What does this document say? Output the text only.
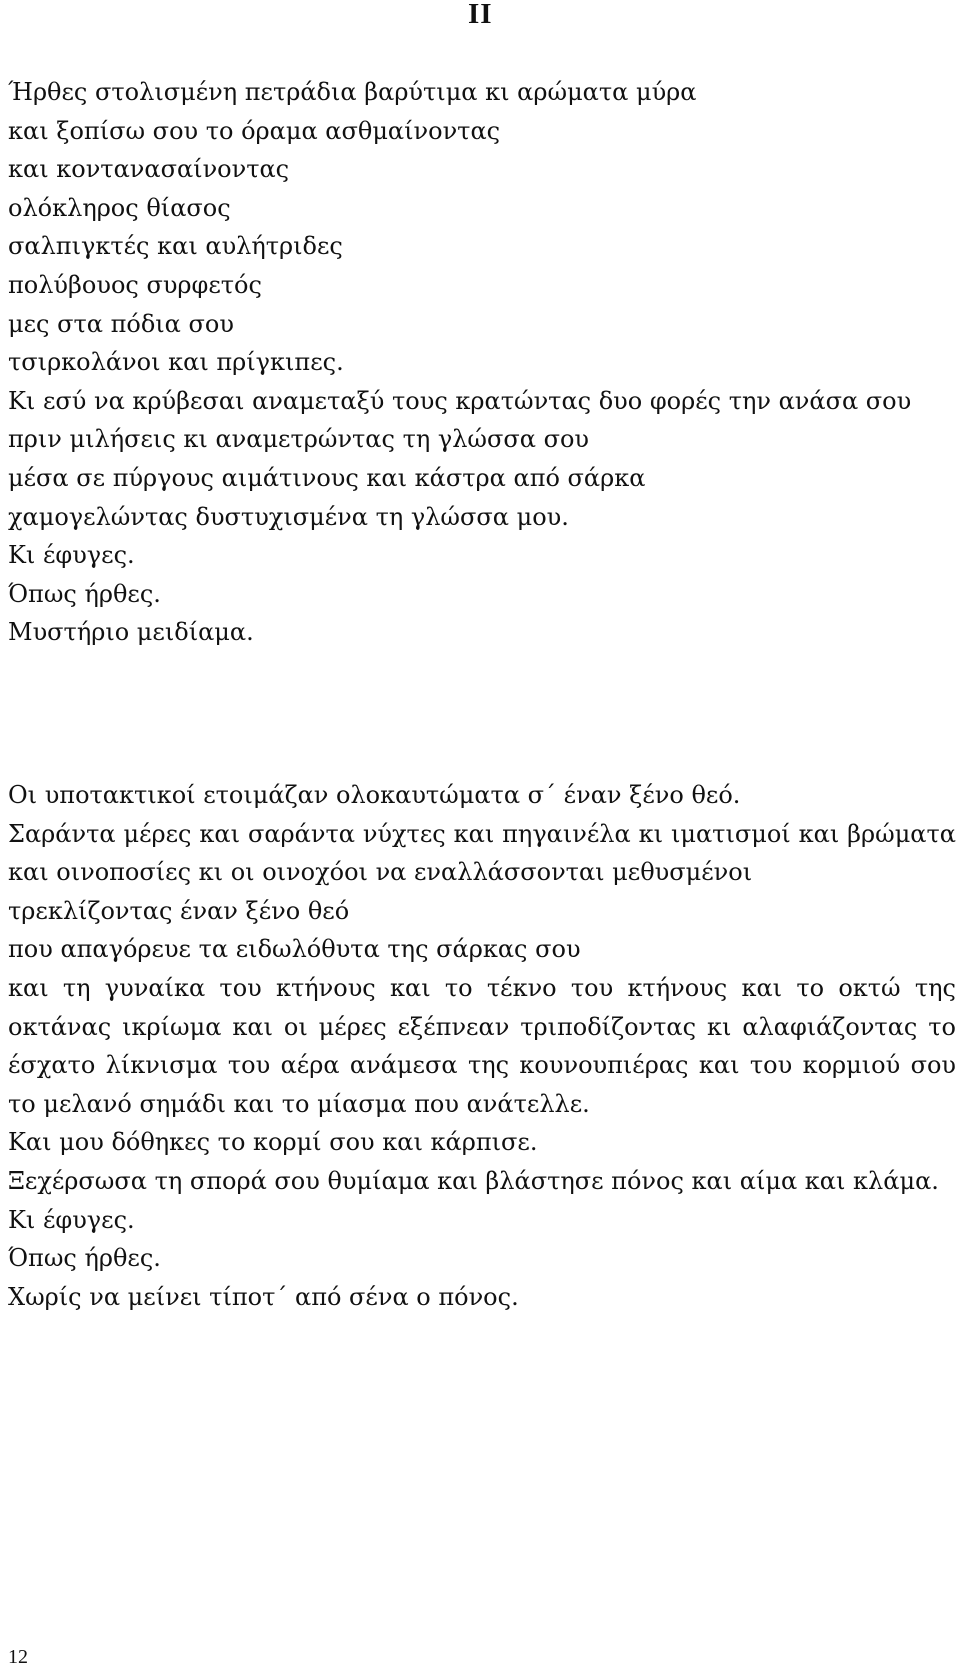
II
Ήρθες στολισμένη πετράδια βαρύτιμα κι αρώματα μύρα
και ξοπίσω σου το όραμα ασθμαίνοντας
και κοντανασαίνοντας
ολόκληρος θίασος
σαλπιγκτές και αυλήτριδες
πολύβουος συρφετός
μες στα πόδια σου
τσιρκολάνοι και πρίγκιπες.
Κι εσύ να κρύβεσαι αναμεταξύ τους κρατώντας δυο φορές την ανάσα σου
πριν μιλήσεις κι αναμετρώντας τη γλώσσα σου
μέσα σε πύργους αιμάτινους και κάστρα από σάρκα
χαμογελώντας δυστυχισμένα τη γλώσσα μου.
Κι έφυγες.
Όπως ήρθες.
Μυστήριο μειδίαμα.
Οι υποτακτικοί ετοιμάζαν ολοκαυτώματα σ΄ έναν ξένο θεό.
Σαράντα μέρες και σαράντα νύχτες και πηγαινέλα κι ιματισμοί και βρώματα και οινοποσίες κι οι οινοχόοι να εναλλάσσονται μεθυσμένοι
τρεκλίζοντας έναν ξένο θεό
που απαγόρευε τα ειδωλόθυτα της σάρκας σου
και τη γυναίκα του κτήνους και το τέκνο του κτήνους και το οκτώ της οκτάνας ικρίωμα και οι μέρες εξέπνεαν τριποδίζοντας κι αλαφιάζοντας το έσχατο λίκνισμα του αέρα ανάμεσα της κουνουπιέρας και του κορμιού σου το μελανό σημάδι και το μίασμα που ανάτελλε.
Και μου δόθηκες το κορμί σου και κάρπισε.
Ξεχέρσωσα τη σπορά σου θυμίαμα και βλάστησε πόνος και αίμα και κλάμα.
Κι έφυγες.
Όπως ήρθες.
Χωρίς να μείνει τίποτ΄ από σένα ο πόνος.
12
